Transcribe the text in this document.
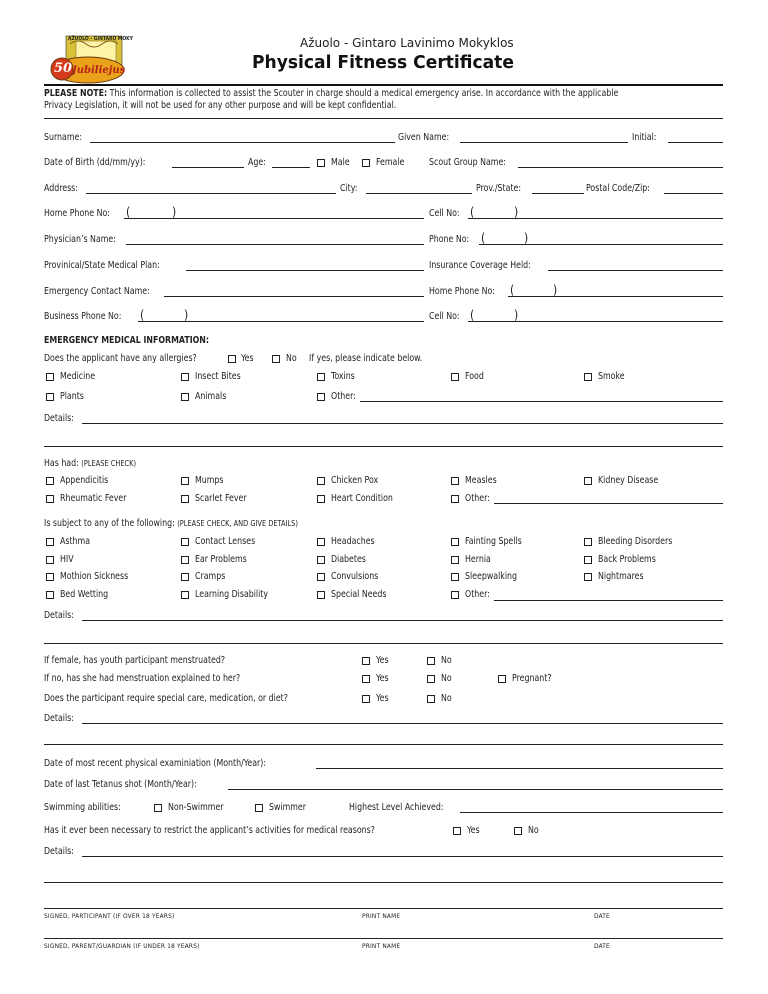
ĄŽUOLO - GINTARO MOKY
50 Jubiliejus
Ažuolo - Gintaro Lavinimo Mokyklos
Physical Fitness Certificate
PLEASE NOTE: This information is collected to assist the Scouter in charge should a medical emergency arise. In accordance with the applicable
Privacy Legislation, it will not be used for any other purpose and will be kept confidential.
Surname:	Given Name:	Initial:
Date of Birth (dd/mm/yy):	Age:	Male	Female	Scout Group Name:
Address:	City:	Prov./State:	Postal Code/Zip:
Home Phone No: (	)	Cell No: (	)
Physician’s Name:	Phone No: (	)
Provinical/State Medical Plan:	Insurance Coverage Held:
Emergency Contact Name:	Home Phone No: (	)
Business Phone No: (	)	Cell No: (	)
EMERGENCY MEDICAL INFORMATION:
Does the applicant have any allergies?	Yes	No If yes, please indicate below.
Medicine	Insect Bites	Toxins	Food	Smoke
Plants	Animals	Other:
Details:
Has had: (PLEASE CHECK)
Appendicitis	Mumps	Chicken Pox	Measles	Kidney Disease
Rheumatic Fever	Scarlet Fever	Heart Condition	Other:
Is subject to any of the following: (PLEASE CHECK, AND GIVE DETAILS)
Asthma	Contact Lenses	Headaches	Fainting Spells	Bleeding Disorders
HIV	Ear Problems	Diabetes	Hernia	Back Problems
Mothion Sickness	Cramps	Convulsions	Sleepwalking	Nightmares
Bed Wetting	Learning Disability	Special Needs	Other:
Details:
If female, has youth participant menstruated?	Yes	No
If no, has she had menstruation explained to her?	Yes	No	Pregnant?
Does the participant require special care, medication, or diet?	Yes	No
Details:
Date of most recent physical examiniation (Month/Year):
Date of last Tetanus shot (Month/Year):
Swimming abilities:	Non-Swimmer	Swimmer	Highest Level Achieved:
Has it ever been necessary to restrict the applicant’s activities for medical reasons?	Yes	No
Details:
SIGNED, PARTICIPANT (IF OVER 18 YEARS)	PRINT NAME	DATE
SIGNED, PARENT/GUARDIAN (IF UNDER 18 YEARS)	PRINT NAME	DATE
